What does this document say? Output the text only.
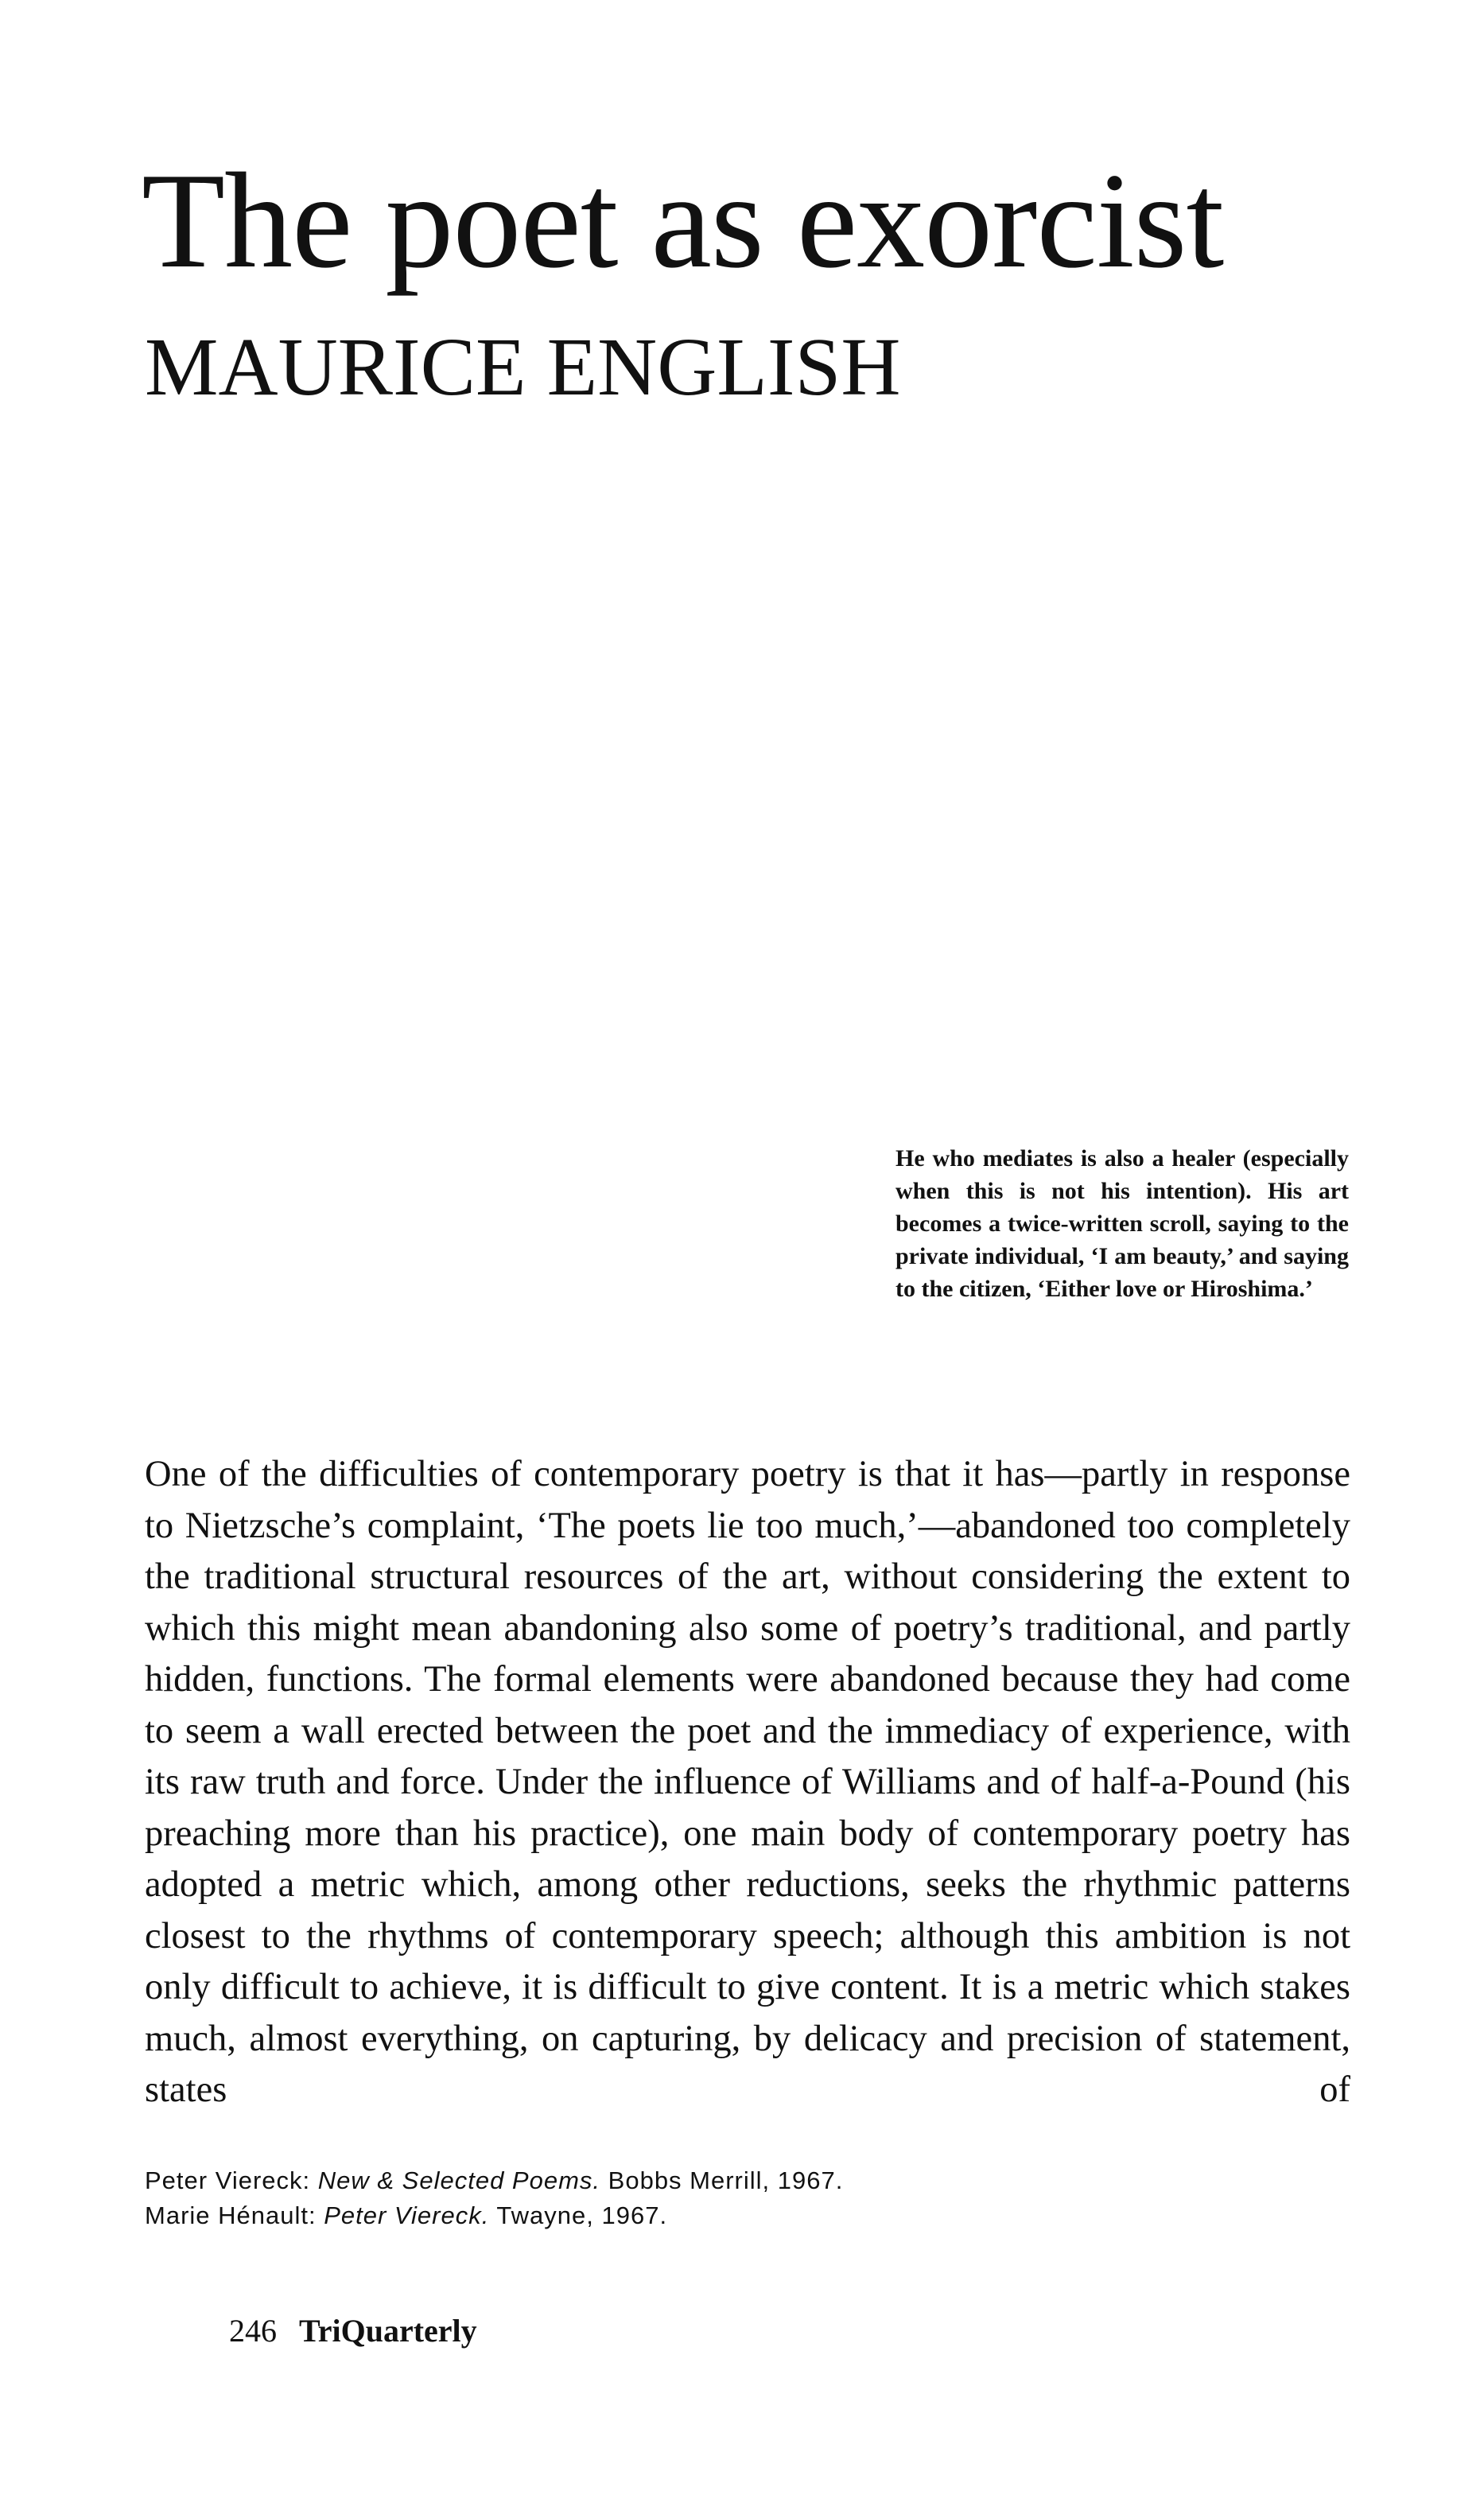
The poet as exorcist
MAURICE ENGLISH

He who mediates is also a healer (especially when this is not his intention). His art becomes a twice-written scroll, saying to the private individual, ‘I am beauty,’ and saying to the citizen, ‘Either love or Hiroshima.’

One of the difficulties of contemporary poetry is that it has—partly in response to Nietzsche’s complaint, ‘The poets lie too much,’—abandoned too completely the traditional structural resources of the art, without considering the extent to which this might mean abandoning also some of poetry’s traditional, and partly hidden, functions. The formal elements were abandoned because they had come to seem a wall erected between the poet and the immediacy of experience, with its raw truth and force. Under the influence of Williams and of half-a-Pound (his preaching more than his practice), one main body of contemporary poetry has adopted a metric which, among other reductions, seeks the rhythmic patterns closest to the rhythms of contemporary speech; although this ambition is not only difficult to achieve, it is difficult to give content. It is a metric which stakes much, almost everything, on capturing, by delicacy and precision of statement, states of

Peter Viereck: New & Selected Poems. Bobbs Merrill, 1967.
Marie Hénault: Peter Viereck. Twayne, 1967.
246 TriQuarterly
